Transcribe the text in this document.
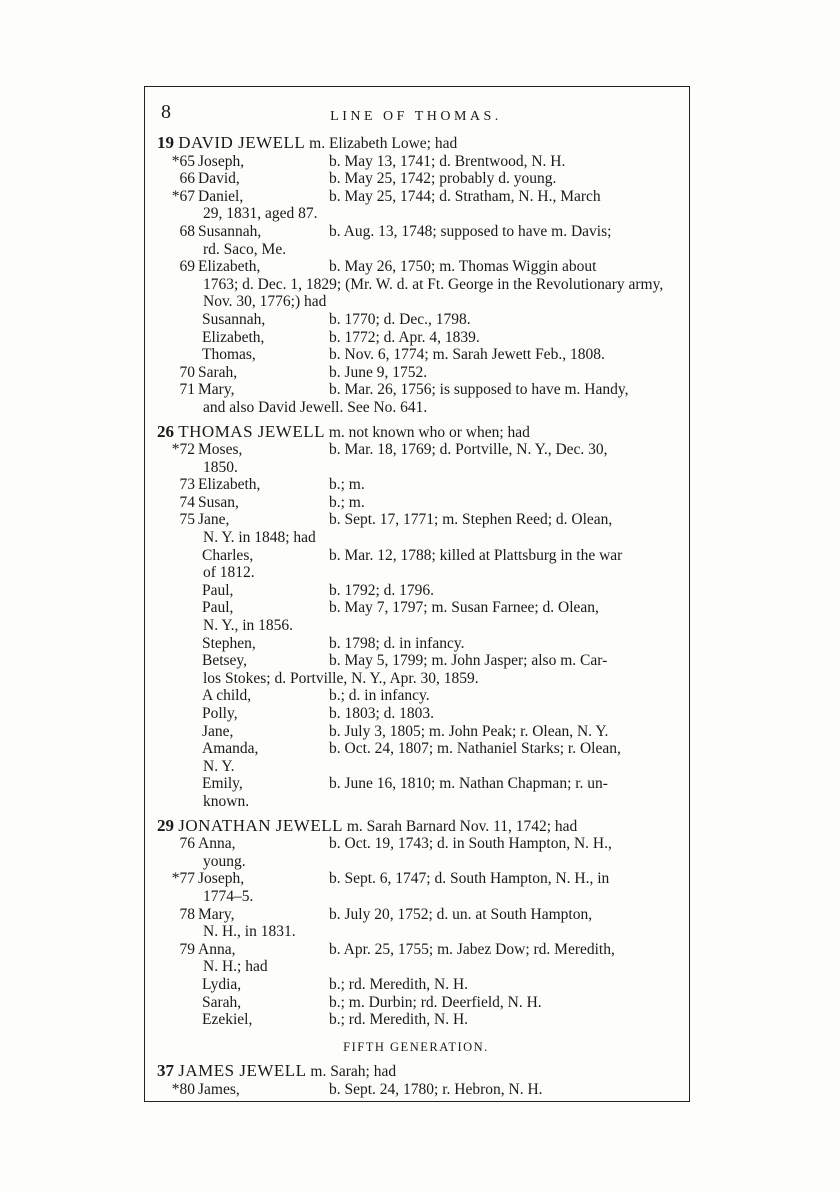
8	LINE OF THOMAS.
19 DAVID JEWELL m. Elizabeth Lowe; had
*65 Joseph,	b. May 13, 1741; d. Brentwood, N. H.
66 David,	b. May 25, 1742; probably d. young.
*67 Daniel,	b. May 25, 1744; d. Stratham, N. H., March
29, 1831, aged 87.
68 Susannah,	b. Aug. 13, 1748; supposed to have m. Davis;
rd. Saco, Me.
69 Elizabeth,	b. May 26, 1750; m. Thomas Wiggin about
1763; d. Dec. 1, 1829; (Mr. W. d. at Ft. George in the Revolutionary army, Nov. 30, 1776;) had
Susannah,	b. 1770; d. Dec., 1798.
Elizabeth,	b. 1772; d. Apr. 4, 1839.
Thomas,	b. Nov. 6, 1774; m. Sarah Jewett Feb., 1808.
70 Sarah,	b. June 9, 1752.
71 Mary,	b. Mar. 26, 1756; is supposed to have m. Handy,
and also David Jewell. See No. 641.
26 THOMAS JEWELL m. not known who or when; had
*72 Moses,	b. Mar. 18, 1769; d. Portville, N. Y., Dec. 30,
1850.
73 Elizabeth,	b.; m.
74 Susan,	b.; m.
75 Jane,	b. Sept. 17, 1771; m. Stephen Reed; d. Olean,
N. Y. in 1848; had
Charles,	b. Mar. 12, 1788; killed at Plattsburg in the war
of 1812.
Paul,	b. 1792; d. 1796.
Paul,	b. May 7, 1797; m. Susan Farnee; d. Olean,
N. Y., in 1856.
Stephen,	b. 1798; d. in infancy.
Betsey,	b. May 5, 1799; m. John Jasper; also m. Car-
los Stokes; d. Portville, N. Y., Apr. 30, 1859.
A child,	b.; d. in infancy.
Polly,	b. 1803; d. 1803.
Jane,	b. July 3, 1805; m. John Peak; r. Olean, N. Y.
Amanda,	b. Oct. 24, 1807; m. Nathaniel Starks; r. Olean,
N. Y.
Emily,	b. June 16, 1810; m. Nathan Chapman; r. un-
known.
29 JONATHAN JEWELL m. Sarah Barnard Nov. 11, 1742; had
76 Anna,	b. Oct. 19, 1743; d. in South Hampton, N. H.,
young.
*77 Joseph,	b. Sept. 6, 1747; d. South Hampton, N. H., in
1774–5.
78 Mary,	b. July 20, 1752; d. un. at South Hampton,
N. H., in 1831.
79 Anna,	b. Apr. 25, 1755; m. Jabez Dow; rd. Meredith,
N. H.; had
Lydia,	b.; rd. Meredith, N. H.
Sarah,	b.; m. Durbin; rd. Deerfield, N. H.
Ezekiel,	b.; rd. Meredith, N. H.
FIFTH GENERATION.
37 JAMES JEWELL m. Sarah; had
*80 James,	b. Sept. 24, 1780; r. Hebron, N. H.
